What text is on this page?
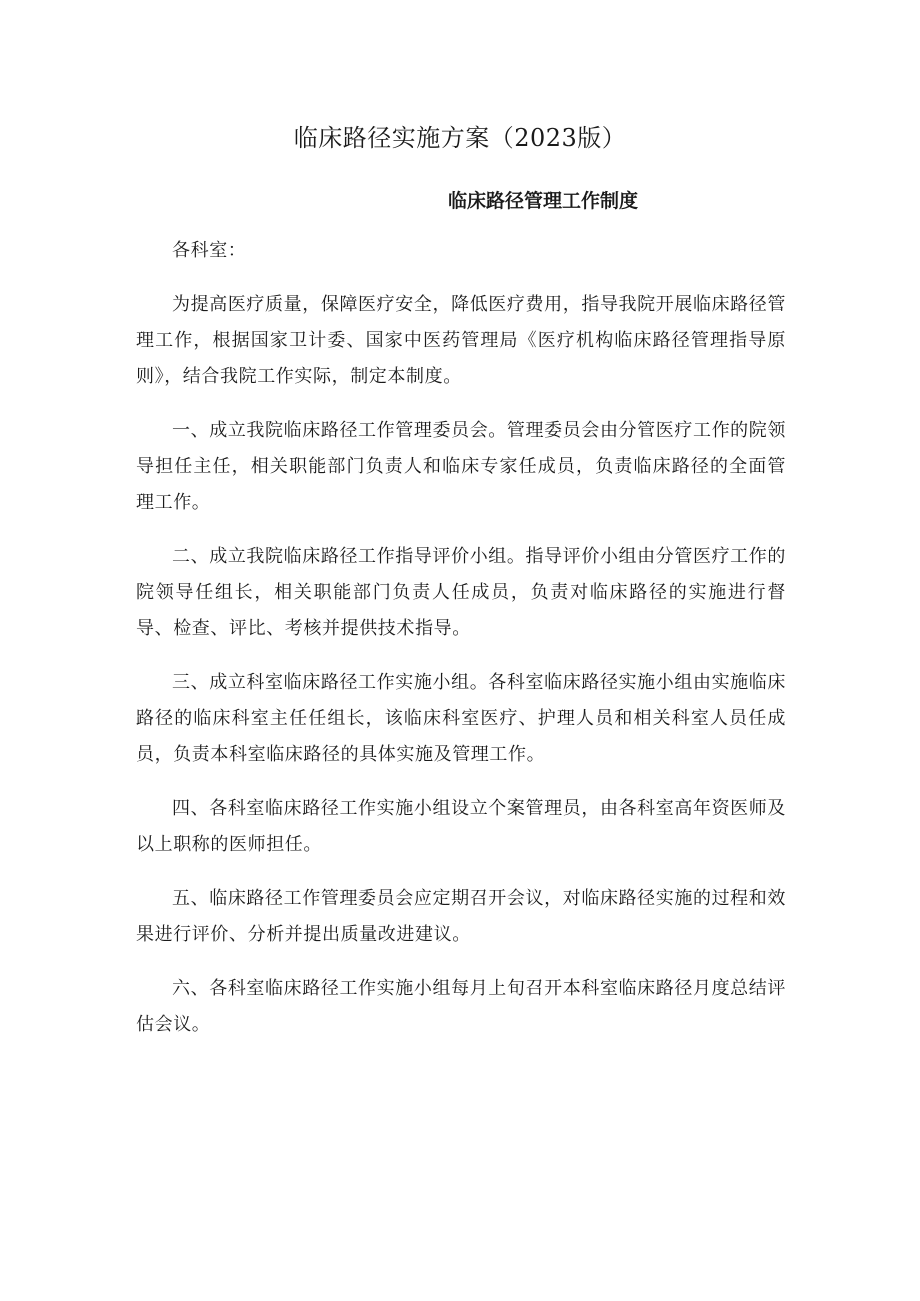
临床路径实施方案（2023版）
临床路径管理工作制度

各科室：

为提高医疗质量，保障医疗安全，降低医疗费用，指导我院开展临床路径管理工作，根据国家卫计委、国家中医药管理局《医疗机构临床路径管理指导原则》，结合我院工作实际，制定本制度。

一、成立我院临床路径工作管理委员会。管理委员会由分管医疗工作的院领导担任主任，相关职能部门负责人和临床专家任成员，负责临床路径的全面管理工作。

二、成立我院临床路径工作指导评价小组。指导评价小组由分管医疗工作的院领导任组长，相关职能部门负责人任成员，负责对临床路径的实施进行督导、检查、评比、考核并提供技术指导。

三、成立科室临床路径工作实施小组。各科室临床路径实施小组由实施临床路径的临床科室主任任组长，该临床科室医疗、护理人员和相关科室人员任成员，负责本科室临床路径的具体实施及管理工作。

四、各科室临床路径工作实施小组设立个案管理员，由各科室高年资医师及以上职称的医师担任。

五、临床路径工作管理委员会应定期召开会议，对临床路径实施的过程和效果进行评价、分析并提出质量改进建议。

六、各科室临床路径工作实施小组每月上旬召开本科室临床路径月度总结评估会议。
